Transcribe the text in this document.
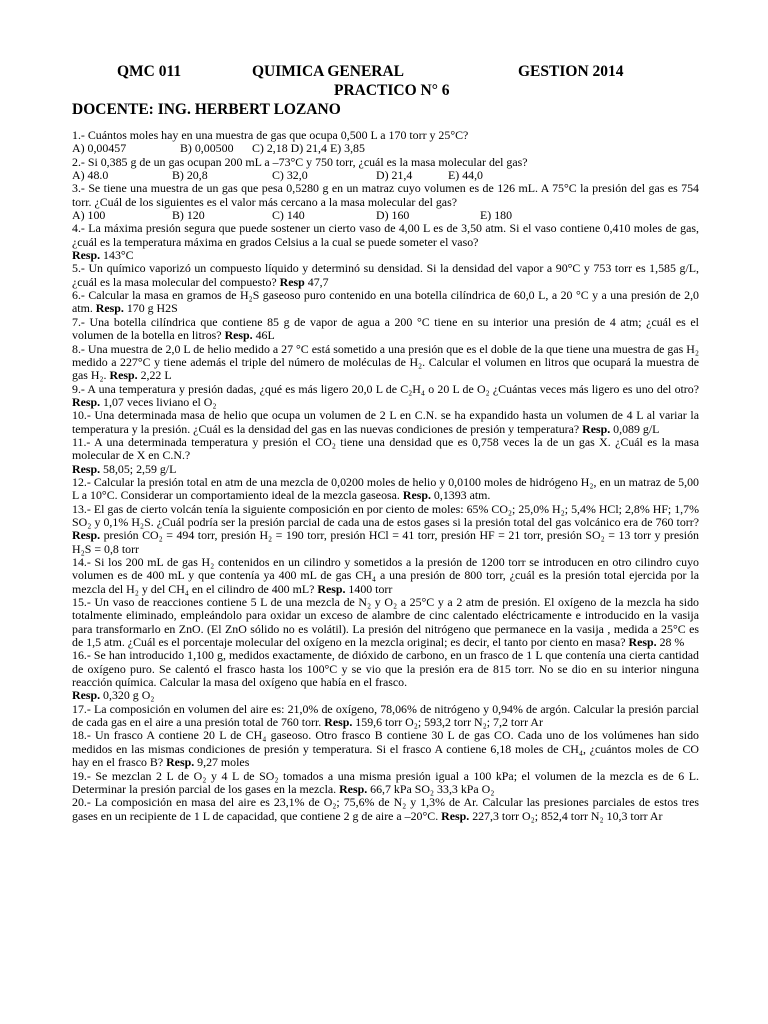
QMC 011	QUIMICA GENERAL	GESTION 2014
PRACTICO N° 6
DOCENTE: ING. HERBERT LOZANO

1.- Cuántos moles hay en una muestra de gas que ocupa 0,500 L a 170 torr y 25°C?

A) 0,00457	B) 0,00500	C) 2,18 D) 21,4 E) 3,85

2.- Si 0,385 g de un gas ocupan 200 mL a –73°C y 750 torr, ¿cuál es la masa molecular del gas?

A) 48.0	B) 20,8	C) 32,0	D) 21,4	E) 44,0

3.- Se tiene una muestra de un gas que pesa 0,5280 g en un matraz cuyo volumen es de 126 mL. A 75°C la presión del gas es 754 torr. ¿Cuál de los siguientes es el valor más cercano a la masa molecular del gas?

A) 100	B) 120	C) 140	D) 160	E) 180

4.- La máxima presión segura que puede sostener un cierto vaso de 4,00 L es de 3,50 atm. Si el vaso contiene 0,410 moles de gas, ¿cuál es la temperatura máxima en grados Celsius a la cual se puede someter el vaso?
Resp. 143°C

5.- Un químico vaporizó un compuesto líquido y determinó su densidad. Si la densidad del vapor a 90°C y 753 torr es 1,585 g/L, ¿cuál es la masa molecular del compuesto? Resp 47,7

6.- Calcular la masa en gramos de H₂S gaseoso puro contenido en una botella cilíndrica de 60,0 L, a 20 °C y a una presión de 2,0 atm. Resp. 170 g H2S

7.- Una botella cilíndrica que contiene 85 g de vapor de agua a 200 °C tiene en su interior una presión de 4 atm; ¿cuál es el volumen de la botella en litros? Resp. 46L

8.- Una muestra de 2,0 L de helio medido a 27 °C está sometido a una presión que es el doble de la que tiene una muestra de gas H₂ medido a 227°C y tiene además el triple del número de moléculas de H₂. Calcular el volumen en litros que ocupará la muestra de gas H₂. Resp. 2,22 L

9.- A una temperatura y presión dadas, ¿qué es más ligero 20,0 L de C₂H₄ o 20 L de O₂ ¿Cuántas veces más ligero es uno del otro? Resp. 1,07 veces liviano el O₂

10.- Una determinada masa de helio que ocupa un volumen de 2 L en C.N. se ha expandido hasta un volumen de 4 L al variar la temperatura y la presión. ¿Cuál es la densidad del gas en las nuevas condiciones de presión y temperatura? Resp. 0,089 g/L

11.- A una determinada temperatura y presión el CO₂ tiene una densidad que es 0,758 veces la de un gas X. ¿Cuál es la masa molecular de X en C.N.?
Resp. 58,05; 2,59 g/L

12.- Calcular la presión total en atm de una mezcla de 0,0200 moles de helio y 0,0100 moles de hidrógeno H₂, en un matraz de 5,00 L a 10°C. Considerar un comportamiento ideal de la mezcla gaseosa. Resp. 0,1393 atm.

13.- El gas de cierto volcán tenía la siguiente composición en por ciento de moles: 65% CO₂; 25,0% H₂; 5,4% HCl; 2,8% HF; 1,7% SO₂ y 0,1% H₂S. ¿Cuál podría ser la presión parcial de cada una de estos gases si la presión total del gas volcánico era de 760 torr? Resp. presión CO₂ = 494 torr, presión H₂ = 190 torr, presión HCl = 41 torr, presión HF = 21 torr, presión SO₂ = 13 torr y presión H₂S = 0,8 torr

14.- Si los 200 mL de gas H₂ contenidos en un cilindro y sometidos a la presión de 1200 torr se introducen en otro cilindro cuyo volumen es de 400 mL y que contenía ya 400 mL de gas CH₄ a una presión de 800 torr, ¿cuál es la presión total ejercida por la mezcla del H₂ y del CH₄ en el cilindro de 400 mL? Resp. 1400 torr

15.- Un vaso de reacciones contiene 5 L de una mezcla de N₂ y O₂ a 25°C y a 2 atm de presión. El oxígeno de la mezcla ha sido totalmente eliminado, empleándolo para oxidar un exceso de alambre de cinc calentado eléctricamente e introducido en la vasija para transformarlo en ZnO. (El ZnO sólido no es volátil). La presión del nitrógeno que permanece en la vasija , medida a 25°C es de 1,5 atm. ¿Cuál es el porcentaje molecular del oxígeno en la mezcla original; es decir, el tanto por ciento en masa? Resp. 28 %

16.- Se han introducido 1,100 g, medidos exactamente, de dióxido de carbono, en un frasco de 1 L que contenía una cierta cantidad de oxígeno puro. Se calentó el frasco hasta los 100°C y se vio que la presión era de 815 torr. No se dio en su interior ninguna reacción química. Calcular la masa del oxígeno que había en el frasco.
Resp. 0,320 g O₂

17.- La composición en volumen del aire es: 21,0% de oxígeno, 78,06% de nitrógeno y 0,94% de argón. Calcular la presión parcial de cada gas en el aire a una presión total de 760 torr. Resp. 159,6 torr O₂; 593,2 torr N₂; 7,2 torr Ar

18.- Un frasco A contiene 20 L de CH₄ gaseoso. Otro frasco B contiene 30 L de gas CO. Cada uno de los volúmenes han sido medidos en las mismas condiciones de presión y temperatura. Si el frasco A contiene 6,18 moles de CH₄, ¿cuántos moles de CO hay en el frasco B? Resp. 9,27 moles

19.- Se mezclan 2 L de O₂ y 4 L de SO₂ tomados a una misma presión igual a 100 kPa; el volumen de la mezcla es de 6 L. Determinar la presión parcial de los gases en la mezcla. Resp. 66,7 kPa SO₂ 33,3 kPa O₂

20.- La composición en masa del aire es 23,1% de O₂; 75,6% de N₂ y 1,3% de Ar. Calcular las presiones parciales de estos tres gases en un recipiente de 1 L de capacidad, que contiene 2 g de aire a –20°C. Resp. 227,3 torr O₂; 852,4 torr N₂ 10,3 torr Ar
